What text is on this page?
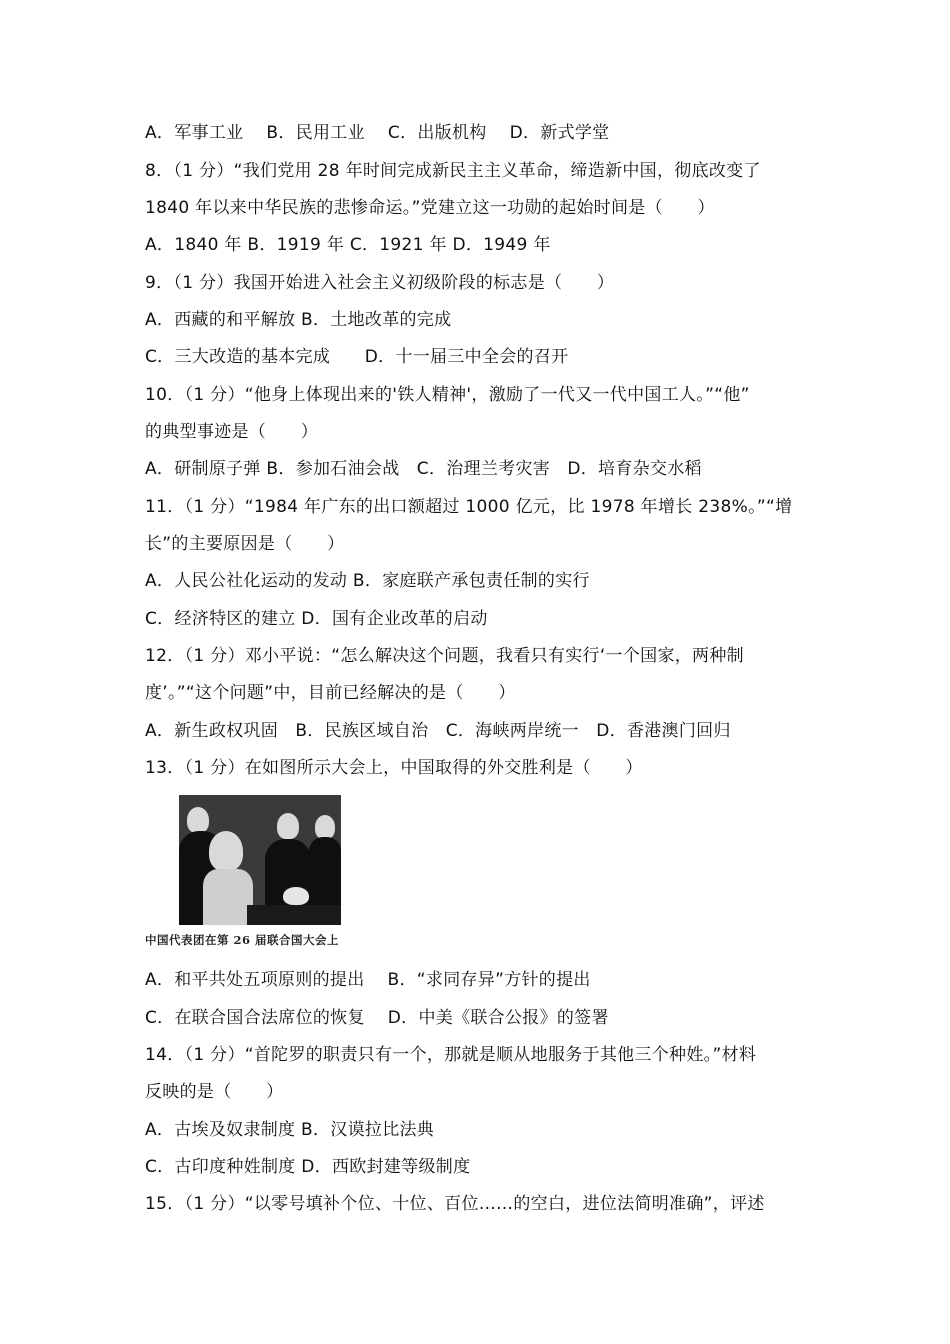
A．军事工业　 B．民用工业　 C．出版机构　 D．新式学堂
8．（1 分）“我们党用 28 年时间完成新民主主义革命，缔造新中国，彻底改变了
1840 年以来中华民族的悲惨命运。”党建立这一功勋的起始时间是（　　）
A．1840 年 B．1919 年 C．1921 年 D．1949 年
9．（1 分）我国开始进入社会主义初级阶段的标志是（　　）
A．西藏的和平解放 B．土地改革的完成
C．三大改造的基本完成　　D．十一届三中全会的召开
10．（1 分）“他身上体现出来的'铁人精神'，激励了一代又一代中国工人。”“他”
的典型事迹是（　　）
A．研制原子弹 B．参加石油会战　C．治理兰考灾害　D．培育杂交水稻
11．（1 分）“1984 年广东的出口额超过 1000 亿元，比 1978 年增长 238%。”“增
长”的主要原因是（　　）
A．人民公社化运动的发动 B．家庭联产承包责任制的实行
C．经济特区的建立 D．国有企业改革的启动
12．（1 分）邓小平说：“怎么解决这个问题，我看只有实行‘一个国家，两种制
度’。”“这个问题”中，目前已经解决的是（　　）
A．新生政权巩固　B．民族区域自治　C．海峡两岸统一　D．香港澳门回归
13．（1 分）在如图所示大会上，中国取得的外交胜利是（　　）
中国代表团在第 26 届联合国大会上
A．和平共处五项原则的提出　 B．“求同存异”方针的提出
C．在联合国合法席位的恢复　 D．中美《联合公报》的签署
14．（1 分）“首陀罗的职责只有一个，那就是顺从地服务于其他三个种姓。”材料
反映的是（　　）
A．古埃及奴隶制度 B．汉谟拉比法典
C．古印度种姓制度 D．西欧封建等级制度
15．（1 分）“以零号填补个位、十位、百位……的空白，进位法简明准确”，评述
